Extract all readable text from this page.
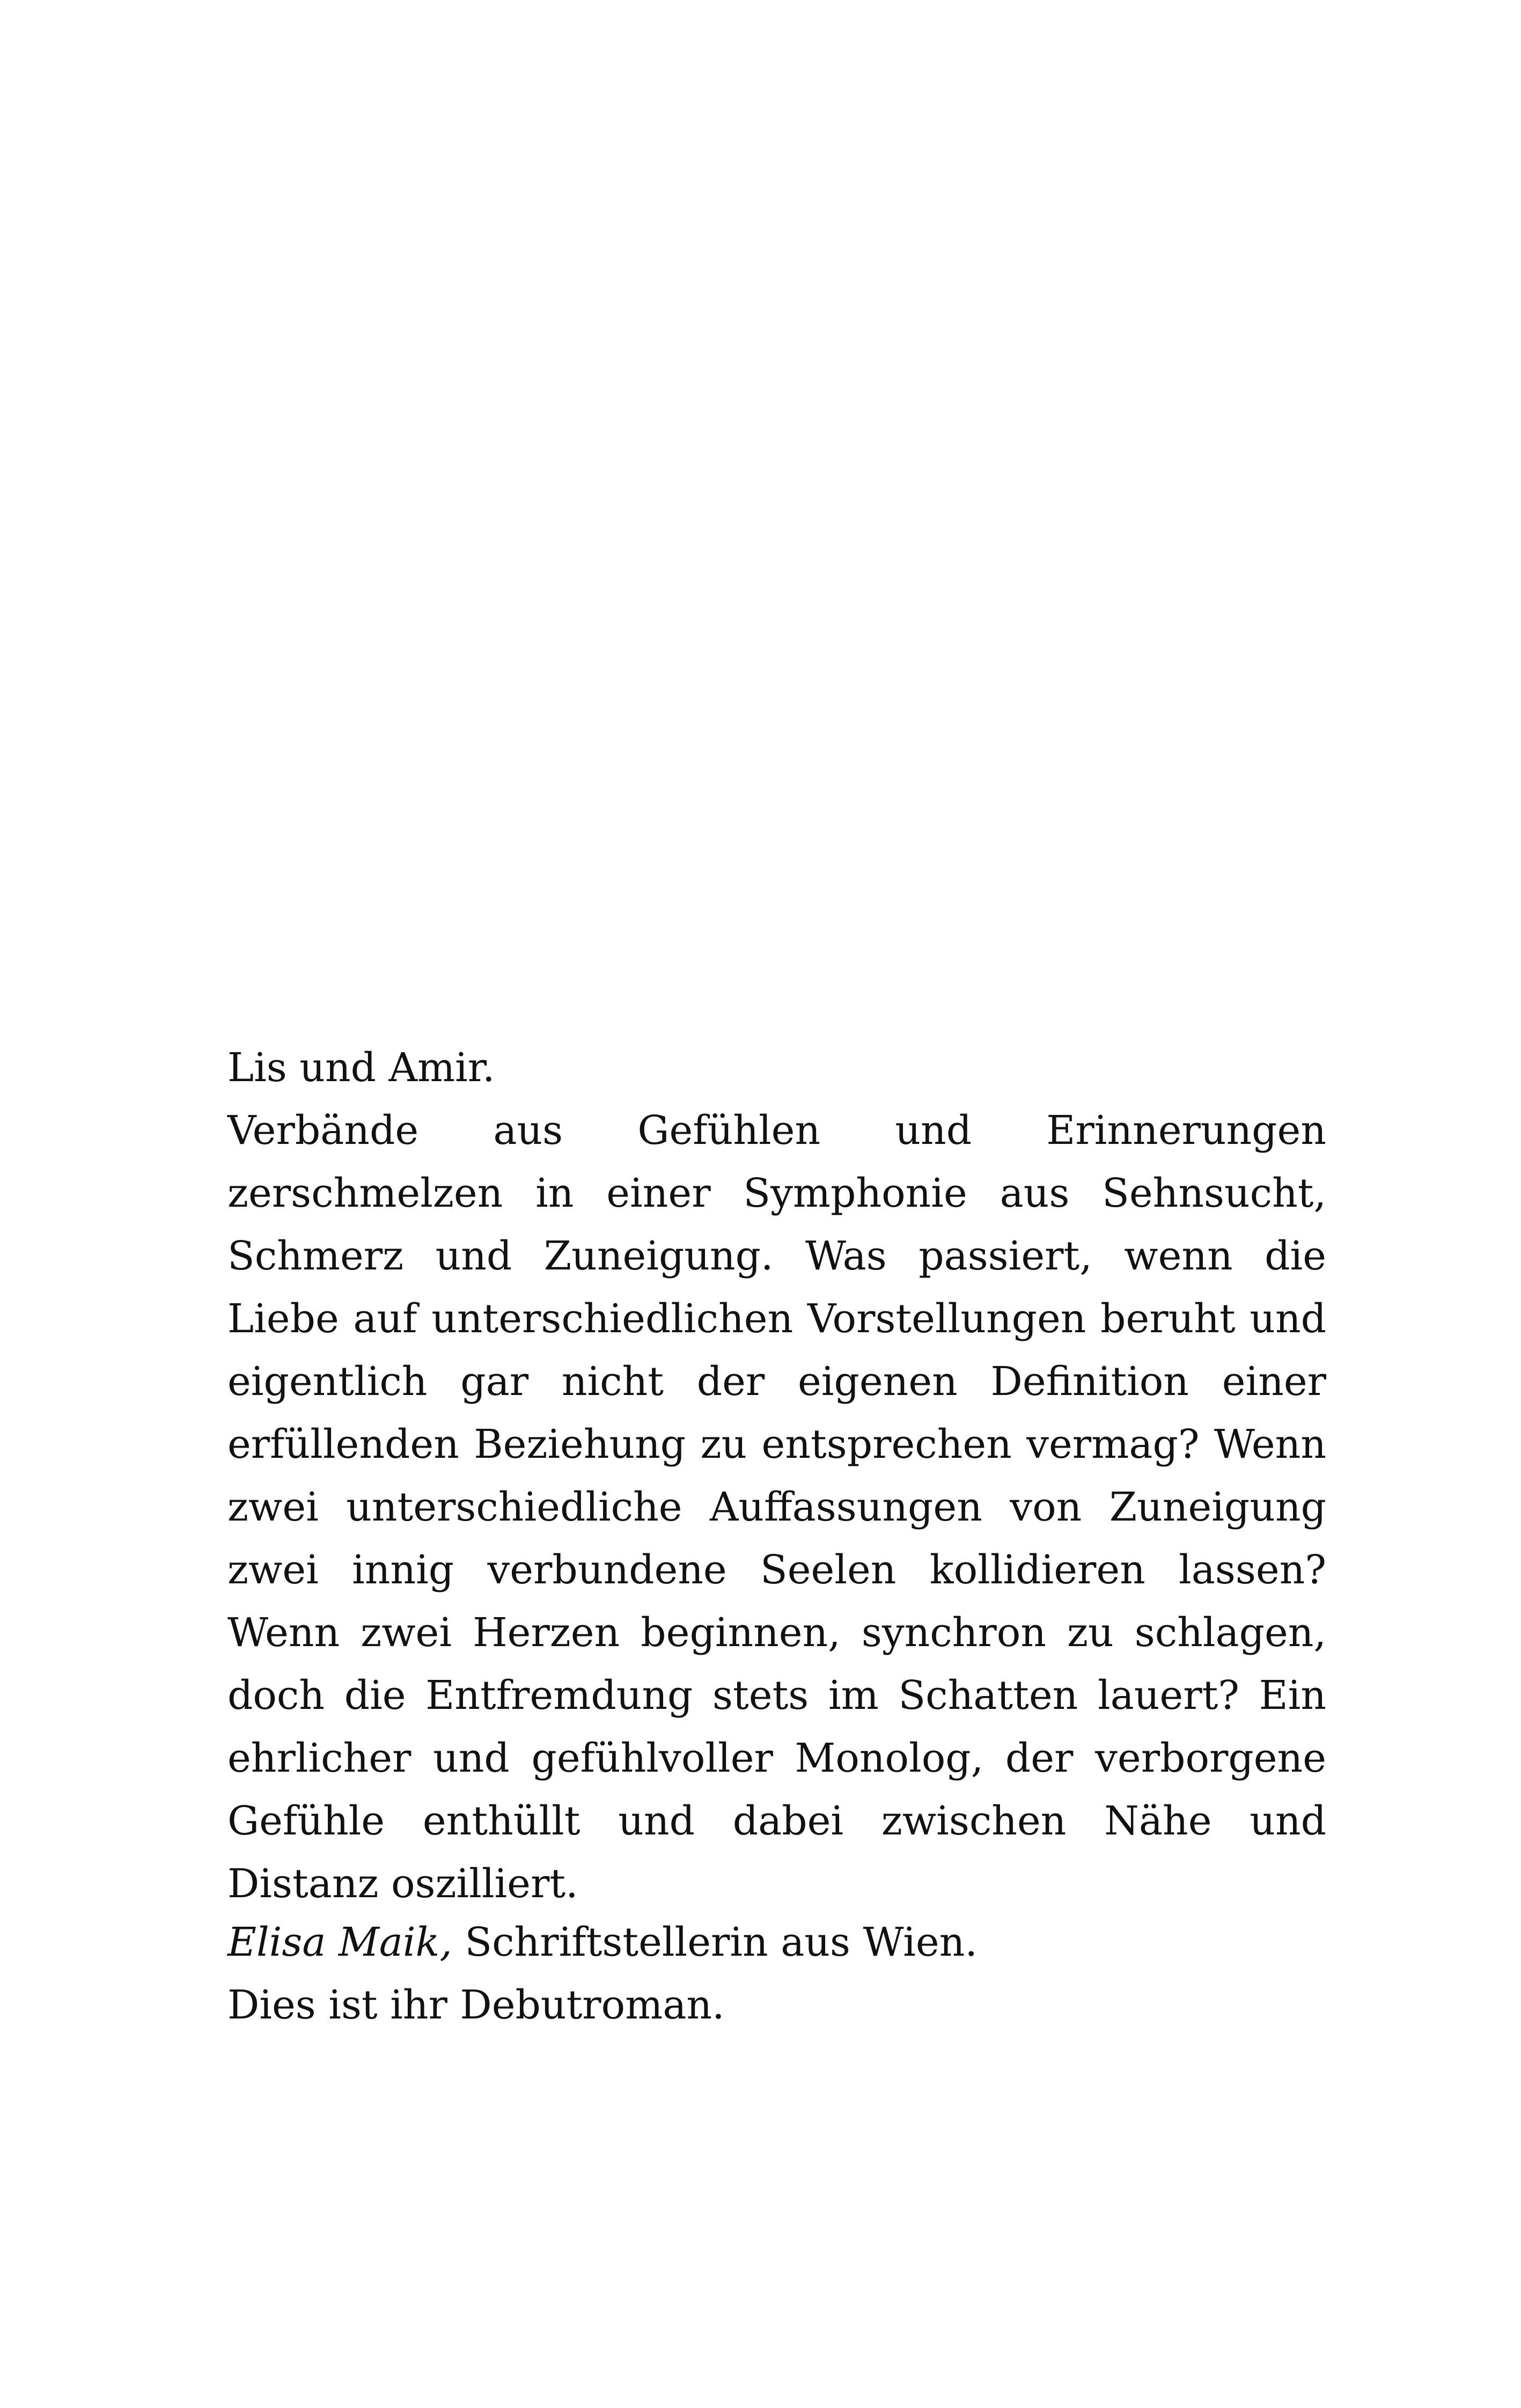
Lis und Amir.

Verbände aus Gefühlen und Erinnerungen zerschmelzen in einer Symphonie aus Sehnsucht, Schmerz und Zuneigung. Was passiert, wenn die Liebe auf unterschiedlichen Vorstellungen beruht und eigentlich gar nicht der eigenen Definition einer erfüllenden Beziehung zu entsprechen vermag? Wenn zwei unterschiedliche Auffassungen von Zuneigung zwei innig verbundene Seelen kollidieren lassen? Wenn zwei Herzen beginnen, synchron zu schlagen, doch die Entfremdung stets im Schatten lauert? Ein ehrlicher und gefühlvoller Monolog, der verborgene Gefühle enthüllt und dabei zwischen Nähe und Distanz oszilliert.

Elisa Maik, Schriftstellerin aus Wien.

Dies ist ihr Debutroman.
